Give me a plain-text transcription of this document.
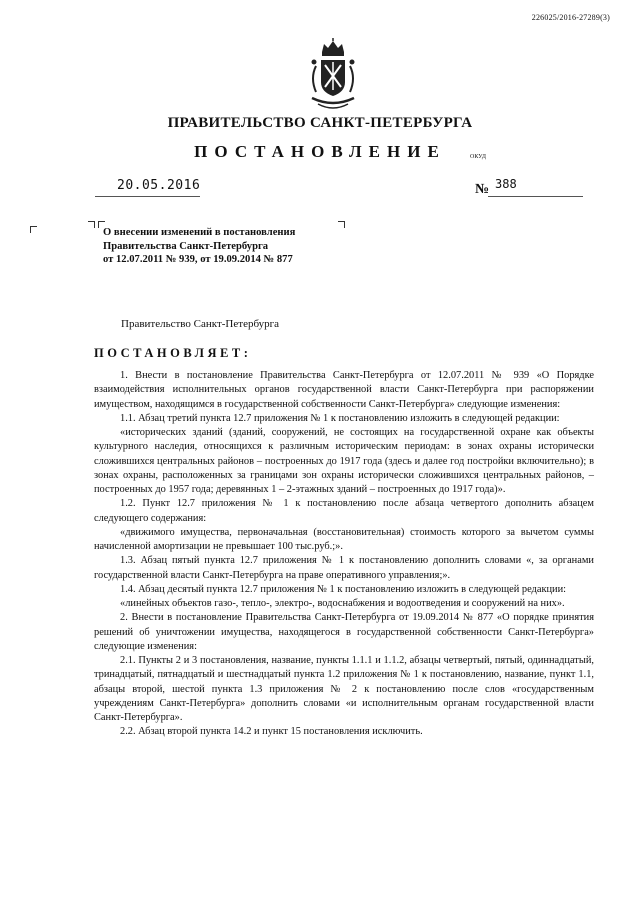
226025/2016-27289(3)
ПРАВИТЕЛЬСТВО САНКТ-ПЕТЕРБУРГА
ПОСТАНОВЛЕНИЕ	ОКУД
20.05.2016	№ 388
О внесении изменений в постановления
Правительства Санкт-Петербурга
от 12.07.2011 № 939, от 19.09.2014 № 877
Правительство Санкт-Петербурга
ПОСТАНОВЛЯЕТ:

1. Внести в постановление Правительства Санкт-Петербурга от 12.07.2011 № 939 «О Порядке взаимодействия исполнительных органов государственной власти Санкт-Петербурга при распоряжении имуществом, находящимся в государственной собственности Санкт-Петербурга» следующие изменения:

1.1. Абзац третий пункта 12.7 приложения № 1 к постановлению изложить в следующей редакции:

«исторических зданий (зданий, сооружений, не состоящих на государственной охране как объекты культурного наследия, относящихся к различным историческим периодам: в зонах охраны исторически сложившихся центральных районов – построенных до 1917 года (здесь и далее год постройки включительно); в зонах охраны, расположенных за границами зон охраны исторически сложившихся центральных районов, – построенных до 1957 года; деревянных 1 – 2-этажных зданий – построенных до 1917 года)».

1.2. Пункт 12.7 приложения № 1 к постановлению после абзаца четвертого дополнить абзацем следующего содержания:

«движимого имущества, первоначальная (восстановительная) стоимость которого за вычетом суммы начисленной амортизации не превышает 100 тыс.руб.;».

1.3. Абзац пятый пункта 12.7 приложения № 1 к постановлению дополнить словами «, за органами государственной власти Санкт-Петербурга на праве оперативного управления;».

1.4. Абзац десятый пункта 12.7 приложения № 1 к постановлению изложить в следующей редакции:

«линейных объектов газо-, тепло-, электро-, водоснабжения и водоотведения и сооружений на них».

2. Внести в постановление Правительства Санкт-Петербурга от 19.09.2014 № 877 «О порядке принятия решений об уничтожении имущества, находящегося в государственной собственности Санкт-Петербурга» следующие изменения:

2.1. Пункты 2 и 3 постановления, название, пункты 1.1.1 и 1.1.2, абзацы четвертый, пятый, одиннадцатый, тринадцатый, пятнадцатый и шестнадцатый пункта 1.2 приложения № 1 к постановлению, название, пункт 1.1, абзацы второй, шестой пункта 1.3 приложения № 2 к постановлению после слов «государственным учреждениям Санкт-Петербурга» дополнить словами «и исполнительным органам государственной власти Санкт-Петербурга».

2.2. Абзац второй пункта 14.2 и пункт 15 постановления исключить.
